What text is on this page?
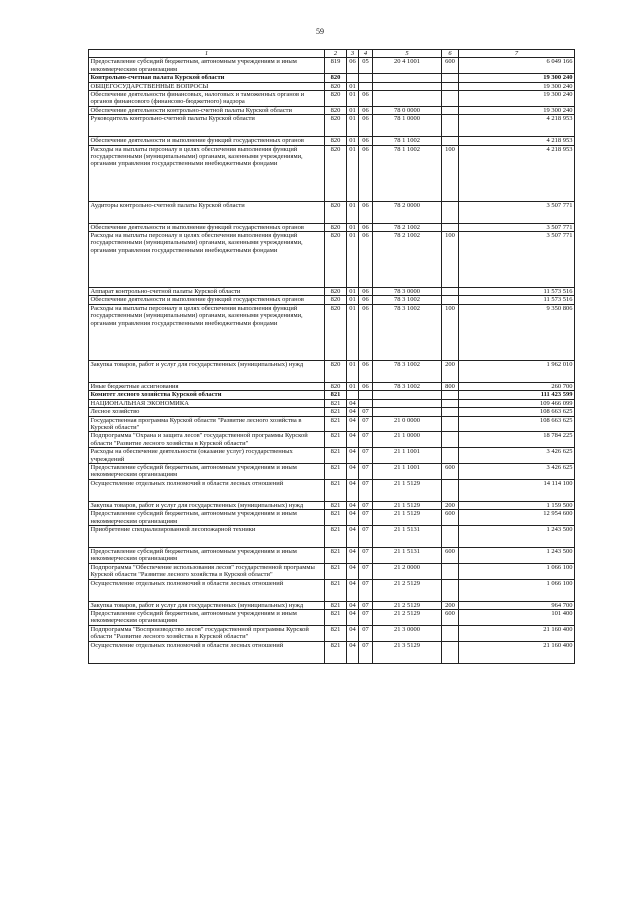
59
1	2	3	4	5	6	7
Предоставление субсидий бюджетным, автономным учреждениям и иным некоммерческим организациям	819	06	05	20 4 1001	600	6 049 166
Контрольно-счетная палата Курской области	820					19 300 240
ОБЩЕГОСУДАРСТВЕННЫЕ ВОПРОСЫ	820	01				19 300 240
Обеспечение деятельности финансовых, налоговых и таможенных органов и органов финансового (финансово-бюджетного) надзора	820	01	06			19 300 240
Обеспечение деятельности контрольно-счетной палаты Курской области	820	01	06	78 0 0000		19 300 240
Руководитель контрольно-счетной палаты Курской области	820	01	06	78 1 0000		4 218 953
Обеспечение деятельности и выполнение функций государственных органов	820	01	06	78 1 1002		4 218 953
Расходы на выплаты персоналу в целях обеспечения выполнения функций государственными (муниципальными) органами, казенными учреждениями, органами управления государственными внебюджетными фондами	820	01	06	78 1 1002	100	4 218 953
Аудиторы контрольно-счетной палаты Курской области	820	01	06	78 2 0000		3 507 771
Обеспечение деятельности и выполнение функций государственных органов	820	01	06	78 2 1002		3 507 771
Расходы на выплаты персоналу в целях обеспечения выполнения функций государственными (муниципальными) органами, казенными учреждениями, органами управления государственными внебюджетными фондами	820	01	06	78 2 1002	100	3 507 771
Аппарат контрольно-счетной палаты Курской области	820	01	06	78 3 0000		11 573 516
Обеспечение деятельности и выполнение функций государственных органов	820	01	06	78 3 1002		11 573 516
Расходы на выплаты персоналу в целях обеспечения выполнения функций государственными (муниципальными) органами, казенными учреждениями, органами управления государственными внебюджетными фондами	820	01	06	78 3 1002	100	9 350 806
Закупка товаров, работ и услуг для государственных (муниципальных) нужд	820	01	06	78 3 1002	200	1 962 010
Иные бюджетные ассигнования	820	01	06	78 3 1002	800	260 700
Комитет лесного хозяйства Курской области	821					111 423 599
НАЦИОНАЛЬНАЯ ЭКОНОМИКА	821	04				109 466 099
Лесное хозяйство	821	04	07			108 663 625
Государственная программа Курской области "Развитие лесного хозяйства в Курской области"	821	04	07	21 0 0000		108 663 625
Подпрограмма "Охрана и защита лесов" государственной программы Курской области "Развитие лесного хозяйства в Курской области"	821	04	07	21 1 0000		18 784 225
Расходы на обеспечение деятельности (оказание услуг) государственных учреждений	821	04	07	21 1 1001		3 426 625
Предоставление субсидий бюджетным, автономным учреждениям и иным некоммерческим организациям	821	04	07	21 1 1001	600	3 426 625
Осуществление отдельных полномочий в области лесных отношений	821	04	07	21 1 5129		14 114 100
Закупка товаров, работ и услуг для государственных (муниципальных) нужд	821	04	07	21 1 5129	200	1 159 500
Предоставление субсидий бюджетным, автономным учреждениям и иным некоммерческим организациям	821	04	07	21 1 5129	600	12 954 600
Приобретение специализированной лесопожарной техники	821	04	07	21 1 5131		1 243 500
Предоставление субсидий бюджетным, автономным учреждениям и иным некоммерческим организациям	821	04	07	21 1 5131	600	1 243 500
Подпрограмма "Обеспечение использования лесов" государственной программы Курской области "Развитие лесного хозяйства в Курской области"	821	04	07	21 2 0000		1 066 100
Осуществление отдельных полномочий в области лесных отношений	821	04	07	21 2 5129		1 066 100
Закупка товаров, работ и услуг для государственных (муниципальных) нужд	821	04	07	21 2 5129	200	964 700
Предоставление субсидий бюджетным, автономным учреждениям и иным некоммерческим организациям	821	04	07	21 2 5129	600	101 400
Подпрограмма "Воспроизводство лесов" государственной программы Курской области "Развитие лесного хозяйства в Курской области"	821	04	07	21 3 0000		21 160 400
Осуществление отдельных полномочий в области лесных отношений	821	04	07	21 3 5129		21 160 400
